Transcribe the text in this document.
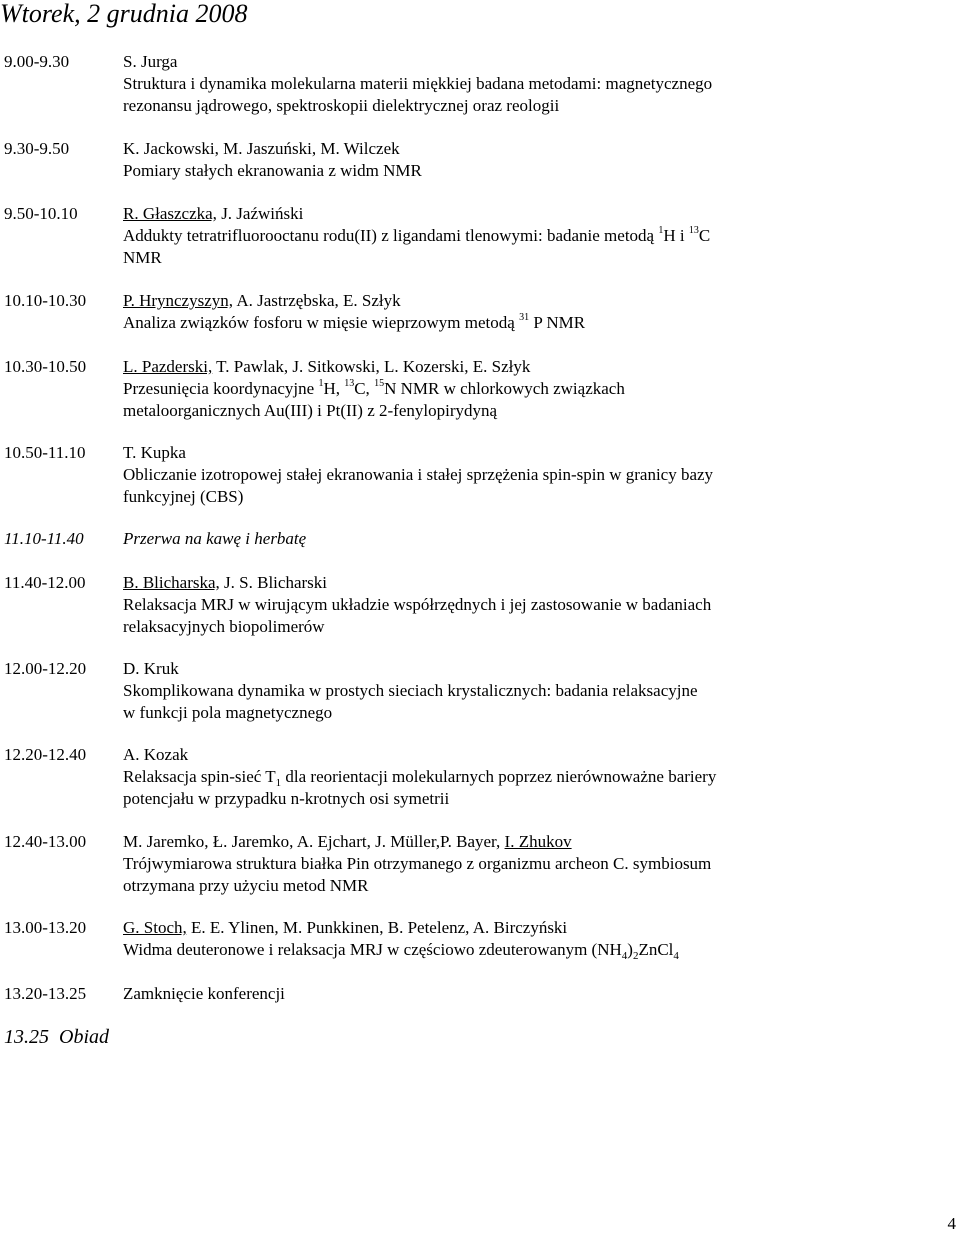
Wtorek, 2 grudnia 2008
9.00-9.30	S. Jurga
Struktura i dynamika molekularna materii miękkiej badana metodami: magnetycznego
rezonansu jądrowego, spektroskopii dielektrycznej oraz reologii
9.30-9.50	K. Jackowski, M. Jaszuński, M. Wilczek
Pomiary stałych ekranowania z widm NMR
9.50-10.10	R. Głaszczka, J. Jaźwiński
Addukty tetratrifluorooctanu rodu(II) z ligandami tlenowymi: badanie metodą $^1$H i $^{13}$C
NMR
10.10-10.30 P. Hrynczyszyn, A. Jastrzębska, E. Szłyk
Analiza związków fosforu w mięsie wieprzowym metodą $^{31}$ P NMR
10.30-10.50 L. Pazderski, T. Pawlak, J. Sitkowski, L. Kozerski, E. Szłyk
Przesunięcia koordynacyjne $^1$H, $^{13}$C, $^{15}$N NMR w chlorkowych związkach
metaloorganicznych Au(III) i Pt(II) z 2-fenylopirydyną
10.50-11.10 T. Kupka
Obliczanie izotropowej stałej ekranowania i stałej sprzężenia spin-spin w granicy bazy
funkcyjnej (CBS)
11.10-11.40 Przerwa na kawę i herbatę
11.40-12.00 B. Blicharska, J. S. Blicharski
Relaksacja MRJ w wirującym układzie współrzędnych i jej zastosowanie w badaniach
relaksacyjnych biopolimerów
12.00-12.20 D. Kruk
Skomplikowana dynamika w prostych sieciach krystalicznych: badania relaksacyjne
w funkcji pola magnetycznego
12.20-12.40 A. Kozak
Relaksacja spin-sieć $T_1$ dla reorientacji molekularnych poprzez nierównoważne bariery
potencjału w przypadku n-krotnych osi symetrii
12.40-13.00 M. Jaremko, Ł. Jaremko, A. Ejchart, J. Müller,P. Bayer, I. Zhukov
Trójwymiarowa struktura białka Pin otrzymanego z organizmu archeon C. symbiosum
otrzymana przy użyciu metod NMR
13.00-13.20 G. Stoch, E. E. Ylinen, M. Punkkinen, B. Petelenz, A. Birczyński
Widma deuteronowe i relaksacja MRJ w częściowo zdeuterowanym $(NH_4)_2ZnCl_4$
13.20-13.25 Zamknięcie konferencji
13.25  Obiad
4
